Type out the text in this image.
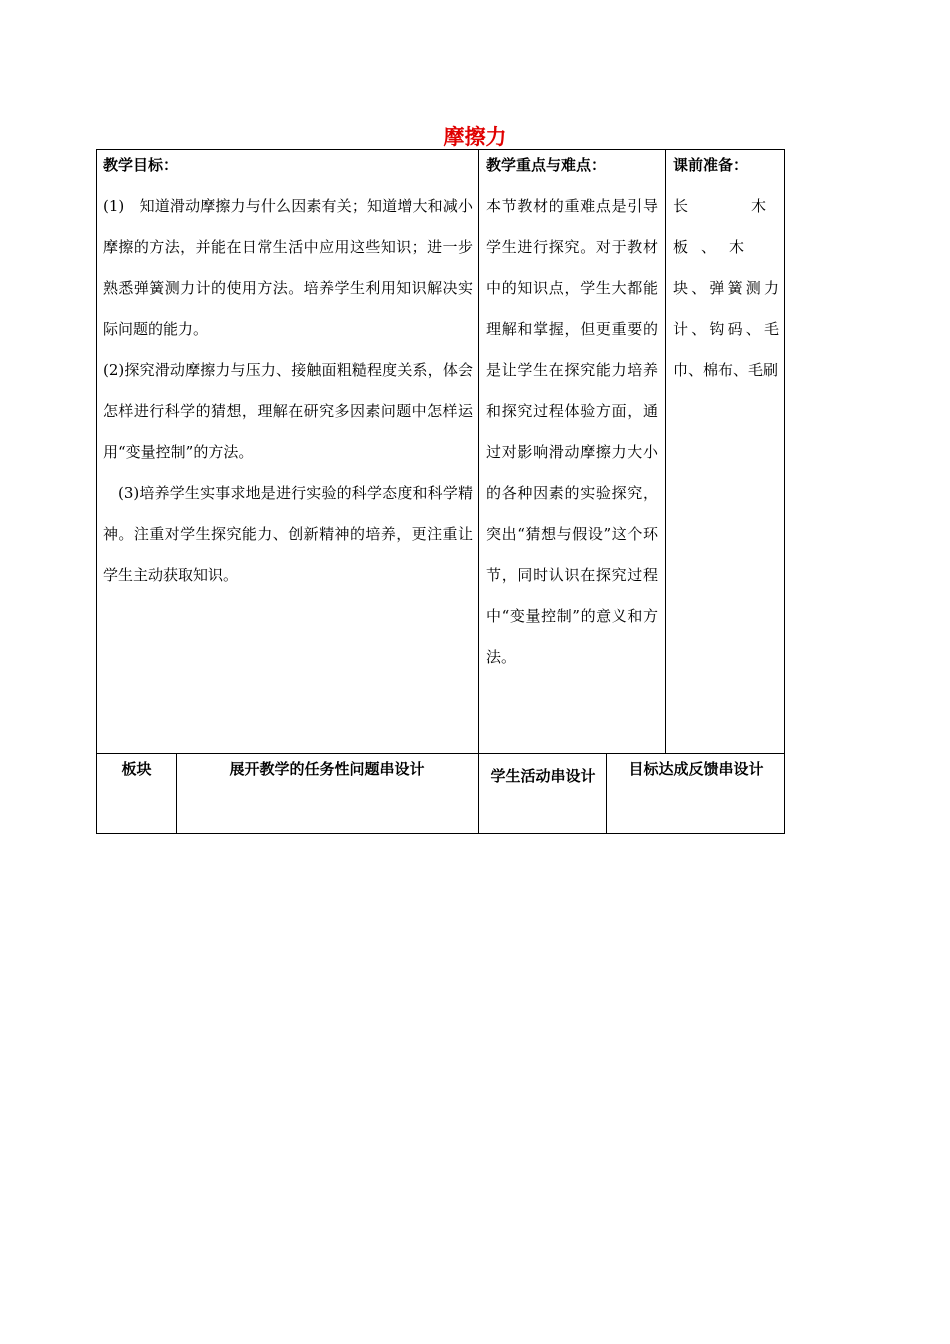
摩擦力
教学目标：

(1)　知道滑动摩擦力与什么因素有关；知道增大和减小摩擦的方法，并能在日常生活中应用这些知识；进一步熟悉弹簧测力计的使用方法。培养学生利用知识解决实际问题的能力。

(2)探究滑动摩擦力与压力、接触面粗糙程度关系，体会怎样进行科学的猜想，理解在研究多因素问题中怎样运用“变量控制”的方法。

(3)培养学生实事求地是进行实验的科学态度和科学精神。注重对学生探究能力、创新精神的培养，更注重让学生主动获取知识。

教学重点与难点：
本节教材的重难点是引导学生进行探究。对于教材中的知识点，学生大都能理解和掌握，但更重要的是让学生在探究能力培养和探究过程体验方面，通过对影响滑动摩擦力大小的各种因素的实验探究，突出“猜想与假设”这个环节，同时认识在探究过程中“变量控制”的意义和方法。
课前准备：
长木板、木
块、弹簧测力计、钩码、毛巾、棉布、毛刷
板块	展开教学的任务性问题串设计	学生活动串设计	目标达成反馈串设计
